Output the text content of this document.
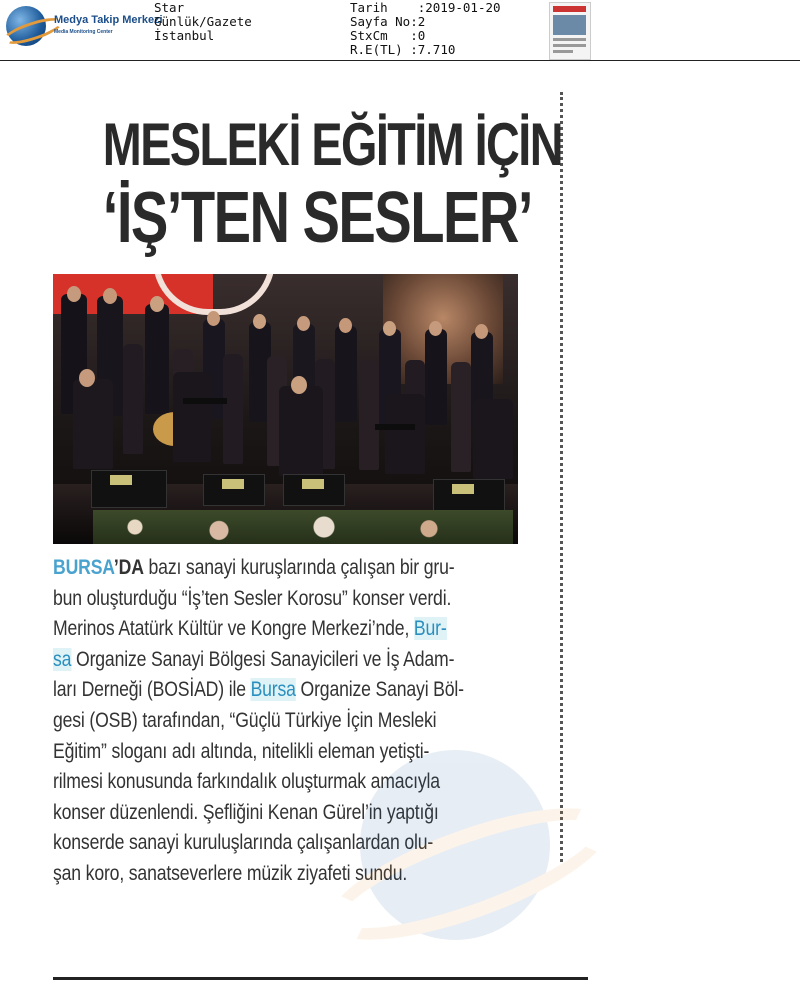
Medya Takip Merkezi
Media Monitoring Center
Star
Günlük/Gazete
İstanbul
Tarih    :2019-01-20
Sayfa No:2
StxCm   :0
R.E(TL) :7.710
MESLEKİ EĞİTİM İÇİN
‘İŞ’TEN SESLER’
BURSA’DA bazı sanayi kuruşlarında çalışan bir gru-
bun oluşturduğu “İş’ten Sesler Korosu” konser verdi.
Merinos Atatürk Kültür ve Kongre Merkezi’nde, Bur-
sa Organize Sanayi Bölgesi Sanayicileri ve İş Adam-
ları Derneği (BOSİAD) ile Bursa Organize Sanayi Böl-
gesi (OSB) tarafından, “Güçlü Türkiye İçin Mesleki
Eğitim” sloganı adı altında, nitelikli eleman yetişti-
rilmesi konusunda farkındalık oluşturmak amacıyla
konser düzenlendi. Şefliğini Kenan Gürel’in yaptığı
konserde sanayi kuruluşlarında çalışanlardan olu-
şan koro, sanatseverlere müzik ziyafeti sundu.
